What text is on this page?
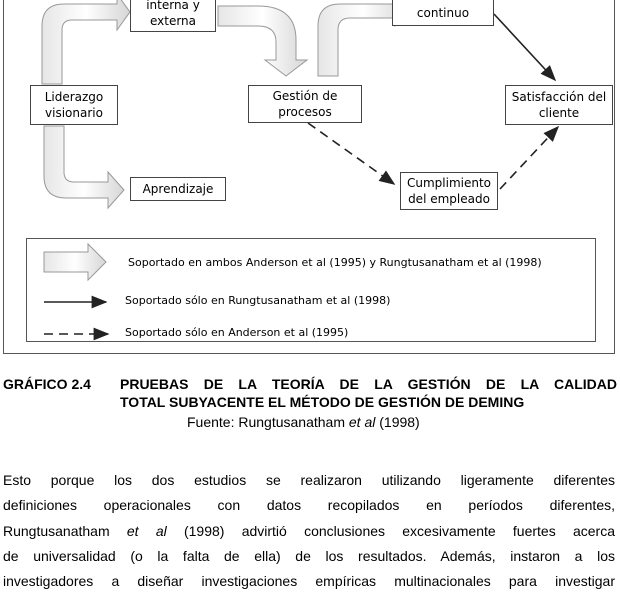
interna y
externa
continuo
Liderazgo
visionario
Gestión de
procesos
Satisfacción del
cliente
Aprendizaje	Cumplimiento
del empleado
Soportado en ambos Anderson et al (1995) y Rungtusanatham et al (1998)
Soportado sólo en Rungtusanatham et al (1998)
Soportado sólo en Anderson et al (1995)
GRÁFICO 2.4 PRUEBAS DE LA TEORÍA DE LA GESTIÓN DE LA CALIDAD
TOTAL SUBYACENTE EL MÉTODO DE GESTIÓN DE DEMING
Fuente: Rungtusanatham et al (1998)
Esto porque los dos estudios se realizaron utilizando ligeramente diferentes
definiciones operacionales con datos recopilados en períodos diferentes,
Rungtusanatham et al (1998) advirtió conclusiones excesivamente fuertes acerca
de universalidad (o la falta de ella) de los resultados. Además, instaron a los
investigadores a diseñar investigaciones empíricas multinacionales para investigar
